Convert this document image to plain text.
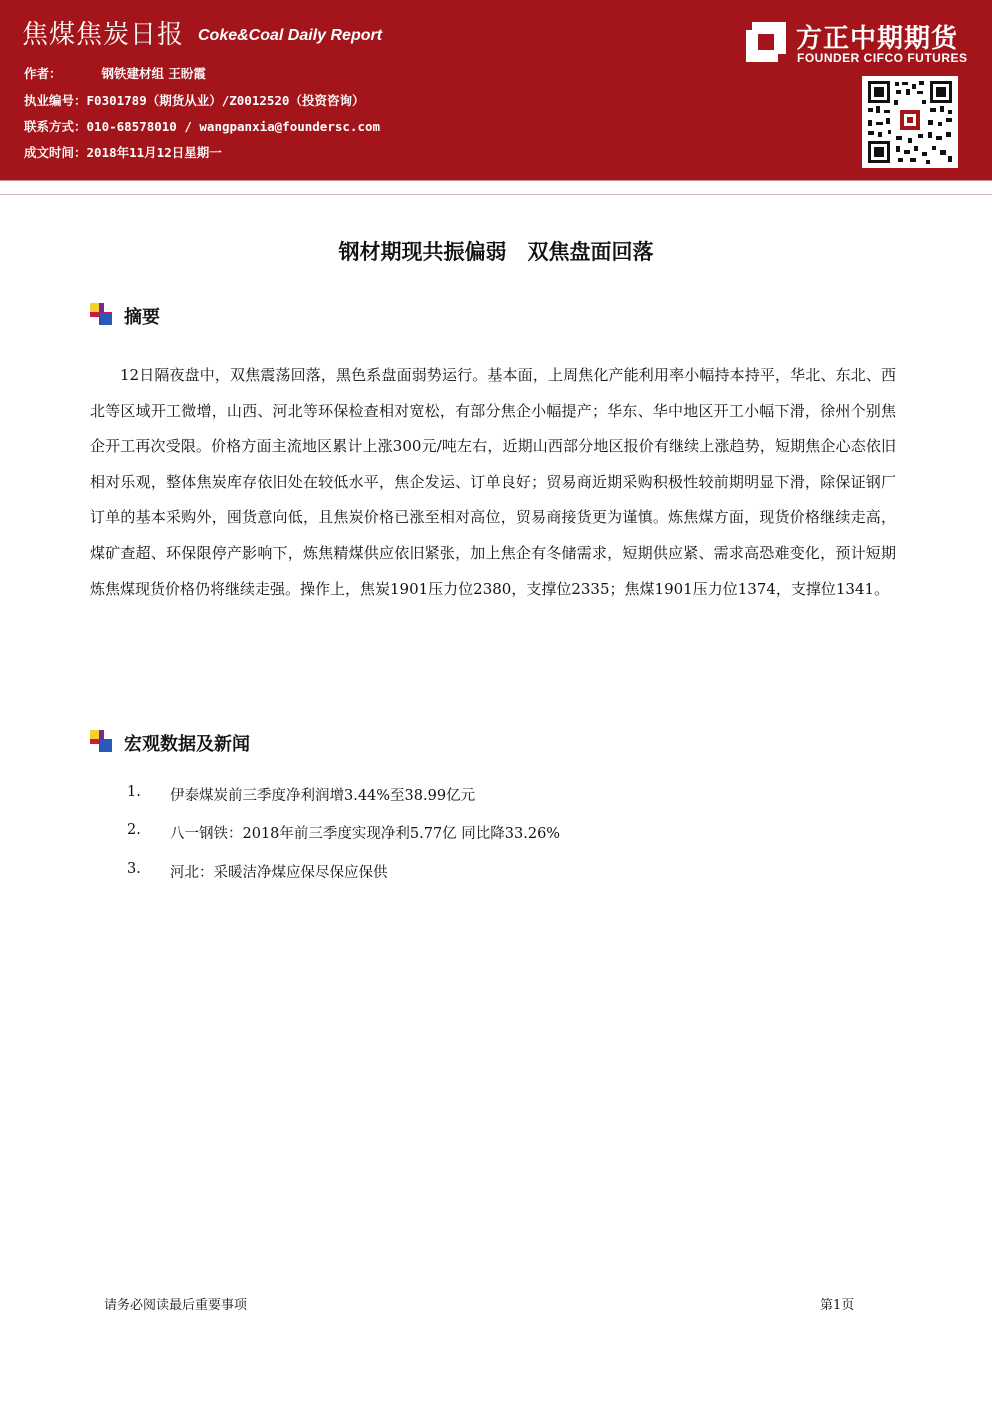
焦煤焦炭日报 Coke&Coal Daily Report
作者：	钢铁建材组 王盼霞
执业编号：F0301789（期货从业）/Z0012520（投资咨询）
联系方式：010-68578010 / wangpanxia@foundersc.com
成文时间：2018年11月12日星期一
方正中期期货
FOUNDER CIFCO FUTURES
钢材期现共振偏弱　双焦盘面回落
摘要
12日隔夜盘中，双焦震荡回落，黑色系盘面弱势运行。基本面，上周焦化产能利用率小幅持本持平，华北、东北、西北等区域开工微增，山西、河北等环保检查相对宽松，有部分焦企小幅提产；华东、华中地区开工小幅下滑，徐州个别焦企开工再次受限。价格方面主流地区累计上涨300元/吨左右，近期山西部分地区报价有继续上涨趋势，短期焦企心态依旧相对乐观，整体焦炭库存依旧处在较低水平，焦企发运、订单良好；贸易商近期采购积极性较前期明显下滑，除保证钢厂订单的基本采购外，囤货意向低，且焦炭价格已涨至相对高位，贸易商接货更为谨慎。炼焦煤方面，现货价格继续走高，煤矿查超、环保限停产影响下，炼焦精煤供应依旧紧张，加上焦企有冬储需求，短期供应紧、需求高恐难变化，预计短期炼焦煤现货价格仍将继续走强。操作上，焦炭1901压力位2380，支撑位2335；焦煤1901压力位1374，支撑位1341。
宏观数据及新闻
1. 伊泰煤炭前三季度净利润增3.44%至38.99亿元
2. 八一钢铁：2018年前三季度实现净利5.77亿 同比降33.26%
3. 河北：采暖洁净煤应保尽保应保供
请务必阅读最后重要事项	第1页
